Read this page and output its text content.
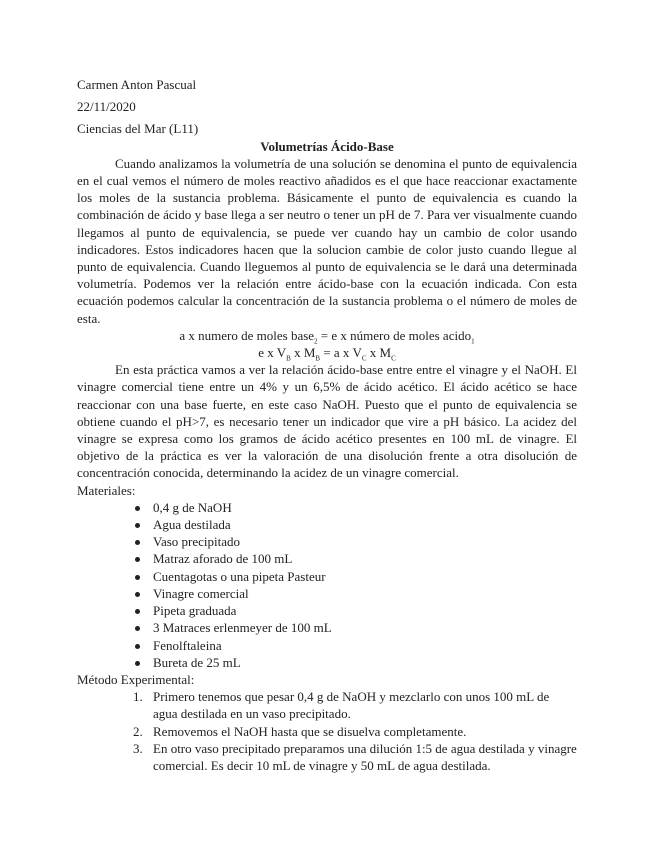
Carmen Anton Pascual
22/11/2020
Ciencias del Mar (L11)
Volumetrías Ácido-Base

Cuando analizamos la volumetría de una solución se denomina el punto de equivalencia en el cual vemos el número de moles reactivo añadidos es el que hace reaccionar exactamente los moles de la sustancia problema. Básicamente el punto de equivalencia es cuando la combinación de ácido y base llega a ser neutro o tener un pH de 7. Para ver visualmente cuando llegamos al punto de equivalencia, se puede ver cuando hay un cambio de color usando indicadores. Estos indicadores hacen que la solucion cambie de color justo cuando llegue al punto de equivalencia. Cuando lleguemos al punto de equivalencia se le dará una determinada volumetría. Podemos ver la relación entre ácido-base con la ecuación indicada. Con esta ecuación podemos calcular la concentración de la sustancia problema o el número de moles de esta.

a x numero de moles base$_2$ = e x número de moles acido$_1$
e x $V_B$ x $M_B = a$ x $V_C$ x $M_C$

En esta práctica vamos a ver la relación ácido-base entre entre el vinagre y el NaOH. El vinagre comercial tiene entre un 4% y un 6,5% de ácido acético. El ácido acético se hace reaccionar con una base fuerte, en este caso NaOH. Puesto que el punto de equivalencia se obtiene cuando el pH>7, es necesario tener un indicador que vire a pH básico. La acidez del vinagre se expresa como los gramos de ácido acético presentes en 100 mL de vinagre. El objetivo de la práctica es ver la valoración de una disolución frente a otra disolución de concentración conocida, determinando la acidez de un vinagre comercial.

Materiales:
0,4 g de NaOH
Agua destilada
Vaso precipitado
Matraz aforado de 100 mL
Cuentagotas o una pipeta Pasteur
Vinagre comercial
Pipeta graduada
3 Matraces erlenmeyer de 100 mL
Fenolftaleina
Bureta de 25 mL
Método Experimental:
1. Primero tenemos que pesar 0,4 g de NaOH y mezclarlo con unos 100 mL de agua destilada en un vaso precipitado.
2. Removemos el NaOH hasta que se disuelva completamente.
3. En otro vaso precipitado preparamos una dilución 1:5 de agua destilada y vinagre comercial. Es decir 10 mL de vinagre y 50 mL de agua destilada.
